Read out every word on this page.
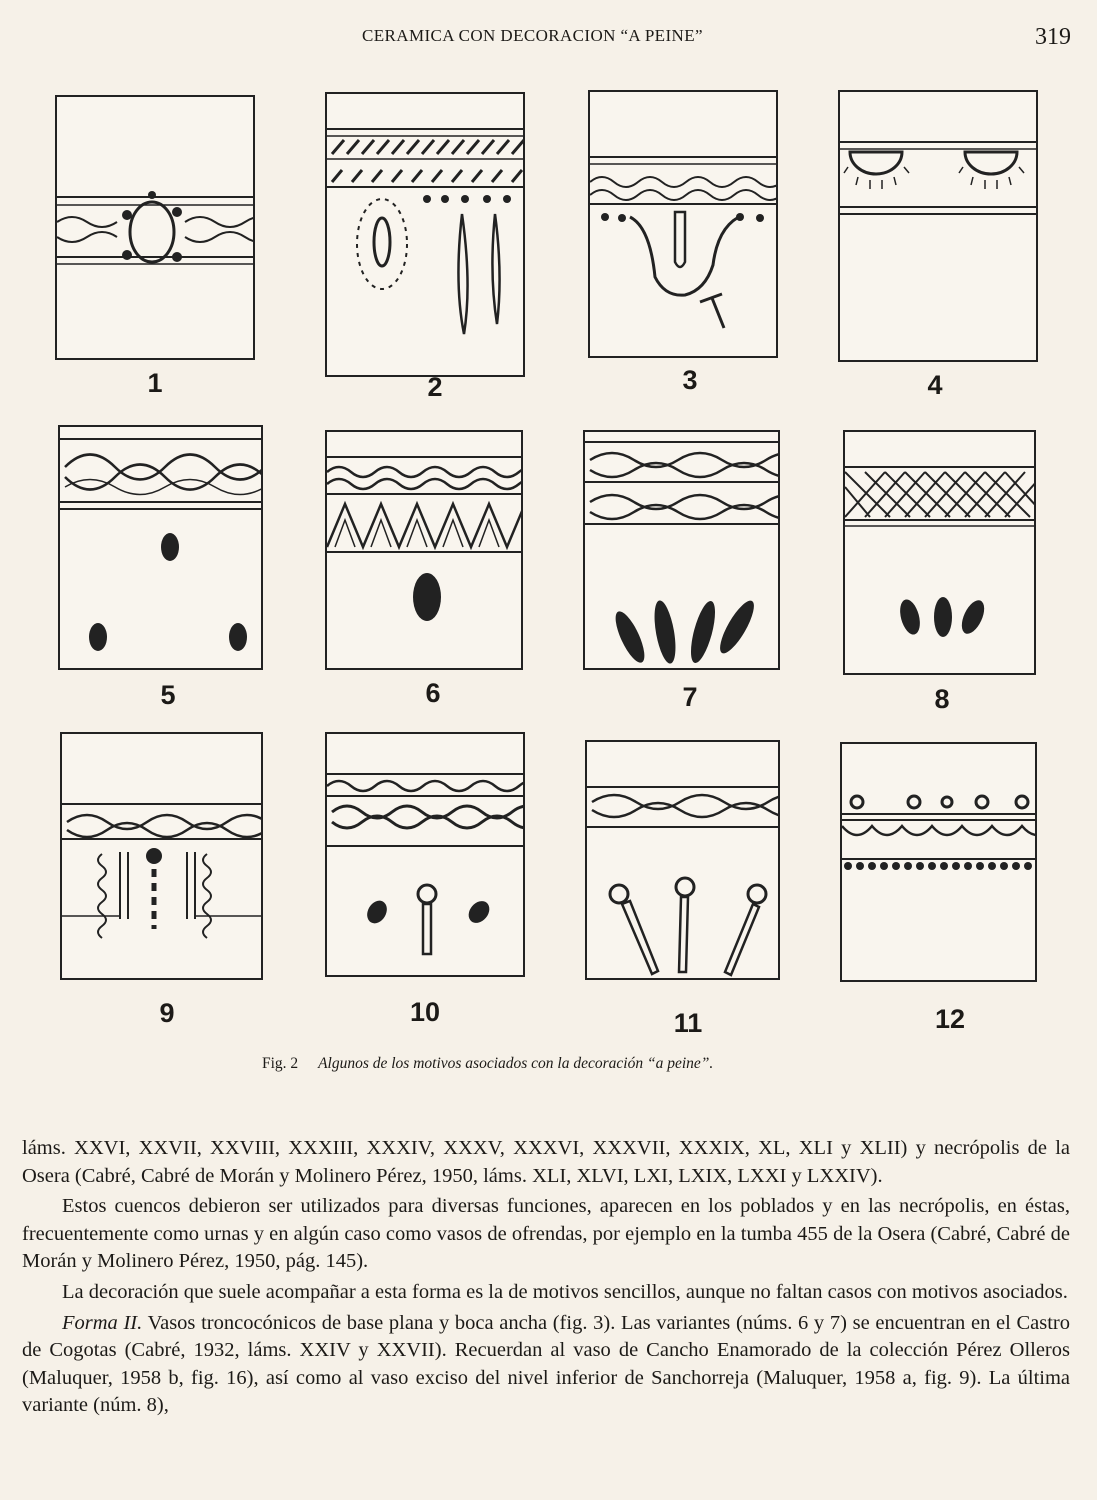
CERAMICA CON DECORACION “A PEINE”	319
1	2	3	4
5	6	7	8
9	10	11	12
Fig. 2 Algunos de los motivos asociados con la decoración “a peine”.

láms. XXVI, XXVII, XXVIII, XXXIII, XXXIV, XXXV, XXXVI, XXXVII, XXXIX, XL, XLI y XLII) y necrópolis de la Osera (Cabré, Cabré de Morán y Molinero Pérez, 1950, láms. XLI, XLVI, LXI, LXIX, LXXI y LXXIV).

Estos cuencos debieron ser utilizados para diversas funciones, aparecen en los poblados y en las necrópolis, en éstas, frecuentemente como urnas y en algún caso como vasos de ofrendas, por ejemplo en la tumba 455 de la Osera (Cabré, Cabré de Morán y Molinero Pérez, 1950, pág. 145).

La decoración que suele acompañar a esta forma es la de motivos sencillos, aunque no faltan casos con motivos asociados.

Forma II. Vasos troncocónicos de base plana y boca ancha (fig. 3). Las variantes (núms. 6 y 7) se encuentran en el Castro de Cogotas (Cabré, 1932, láms. XXIV y XXVII). Recuerdan al vaso de Cancho Enamorado de la colección Pérez Olleros (Maluquer, 1958 b, fig. 16), así como al vaso exciso del nivel inferior de Sanchorreja (Maluquer, 1958 a, fig. 9). La última variante (núm. 8),
